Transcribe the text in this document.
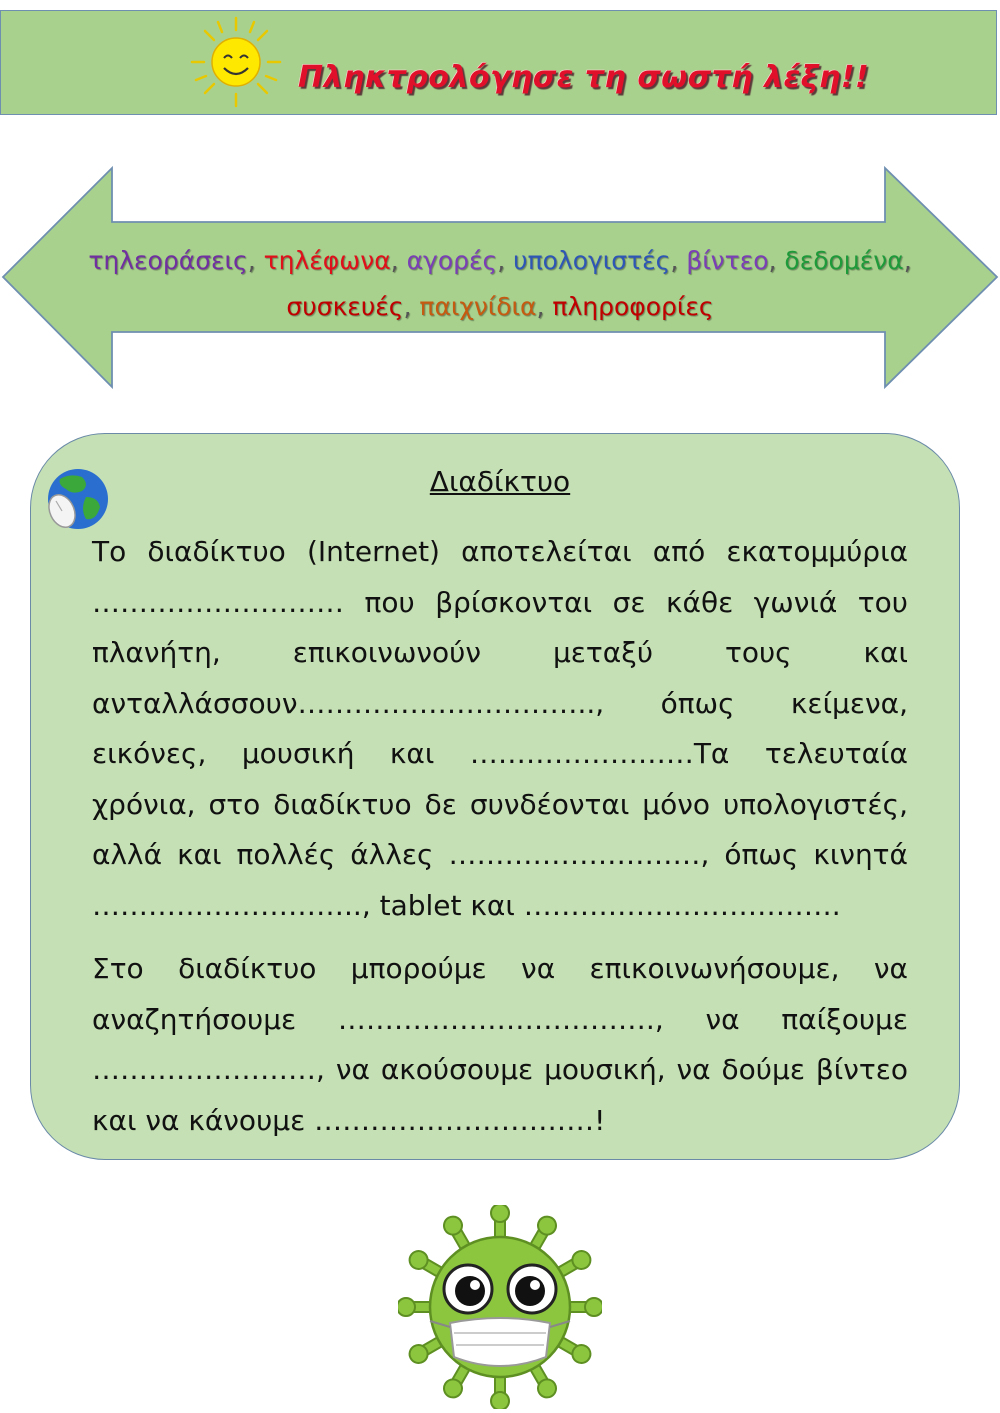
Πληκτρολόγησε τη σωστή λέξη!!
τηλεοράσεις, τηλέφωνα, αγορές, υπολογιστές, βίντεο, δεδομένα,
συσκευές, παιχνίδια, πληροφορίες
Διαδίκτυο
Το διαδίκτυο (Internet) αποτελείται από εκατομμύρια ……………………… που βρίσκονται σε κάθε γωνιά του πλανήτη, επικοινωνούν μεταξύ τους και ανταλλάσσουν………………………….., όπως κείμενα, εικόνες, μουσική και ……………………Τα τελευταία χρόνια, στο διαδίκτυο δε συνδέονται μόνο υπολογιστές, αλλά και πολλές άλλες ………………………, όπως κινητά ……………………….., tablet και …………………………….
Στο διαδίκτυο μπορούμε να επικοινωνήσουμε, να αναζητήσουμε ……………………………., να παίξουμε ……………………, να ακούσουμε μουσική, να δούμε βίντεο και να κάνουμε …………………………!
